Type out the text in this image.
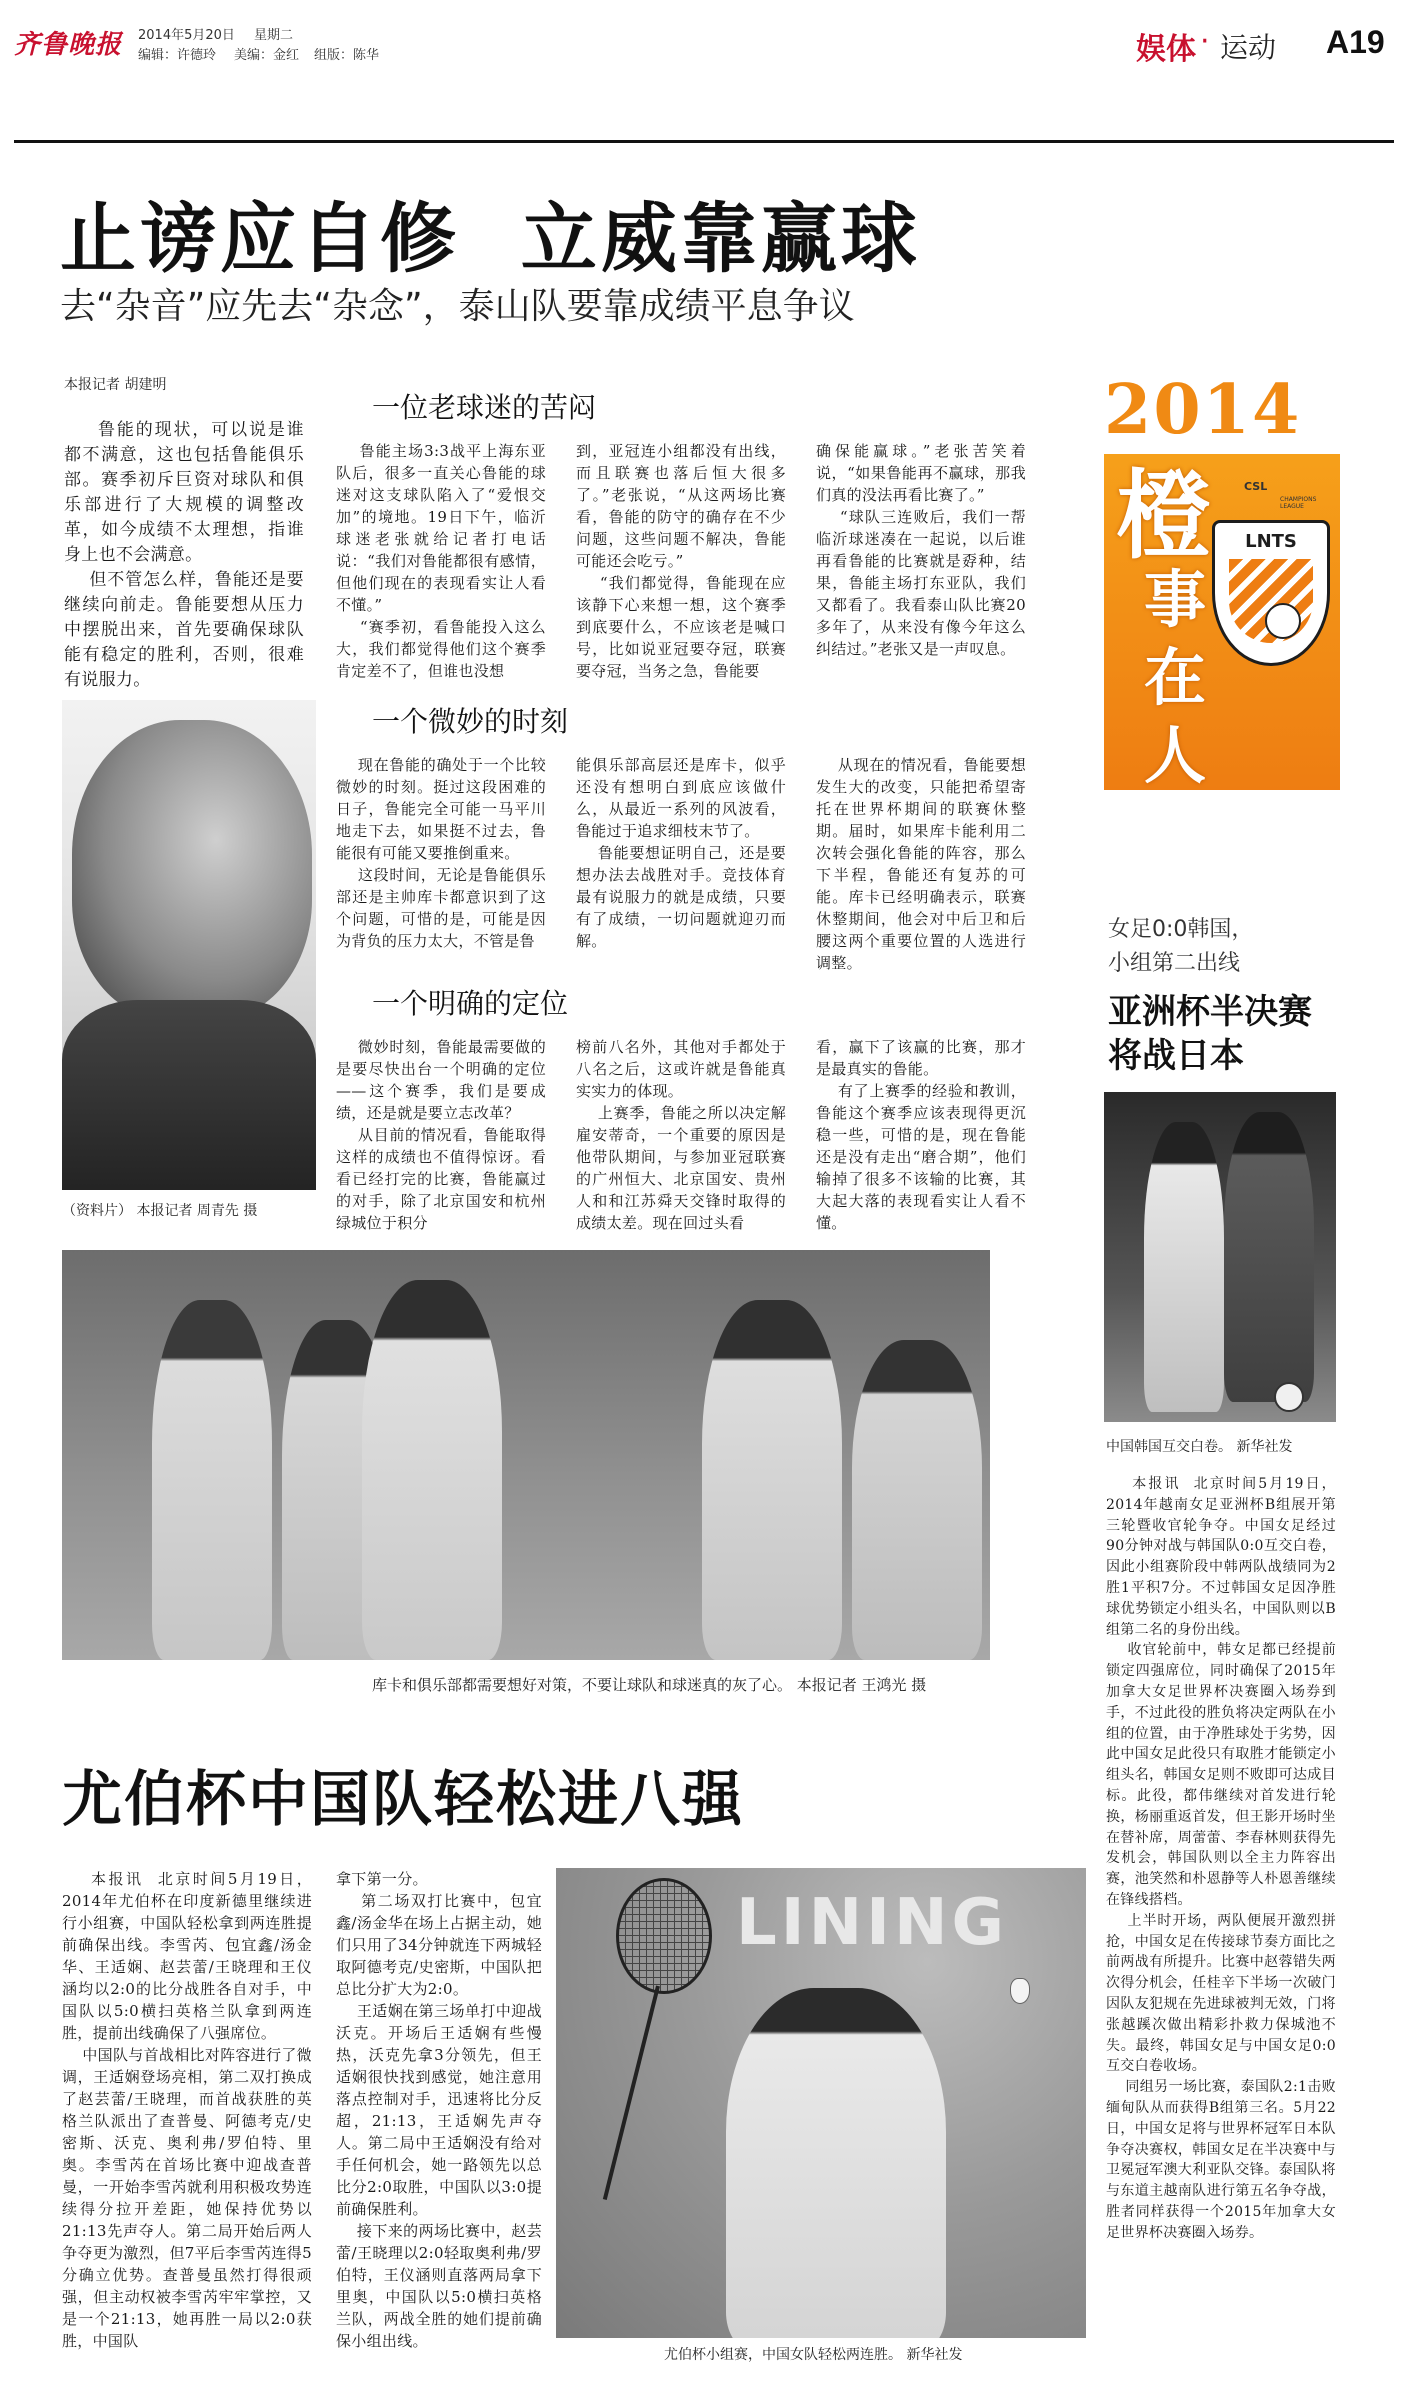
齐鲁晚报 2014年5月20日 星期二
编辑：许德玲 美编：金红 组版：陈华	娱体 · 运动 A19
止谤应自修  立威靠赢球
去“杂音”应先去“杂念”，泰山队要靠成绩平息争议
本报记者 胡建明
鲁能的现状，可以说是谁都不满意，这也包括鲁能俱乐部。赛季初斥巨资对球队和俱乐部进行了大规模的调整改革，如今成绩不太理想，指谁身上也不会满意。
但不管怎么样，鲁能还是要继续向前走。鲁能要想从压力中摆脱出来，首先要确保球队能有稳定的胜利，否则，很难有说服力。
一位老球迷的苦闷
鲁能主场3:3战平上海东亚队后，很多一直关心鲁能的球迷对这支球队陷入了“爱恨交加”的境地。19日下午，临沂球迷老张就给记者打电话说：“我们对鲁能都很有感情，但他们现在的表现看实让人看不懂。”
“赛季初，看鲁能投入这么大，我们都觉得他们这个赛季肯定差不了，但谁也没想
到，亚冠连小组都没有出线，而且联赛也落后恒大很多了。”老张说，“从这两场比赛看，鲁能的防守的确存在不少问题，这些问题不解决，鲁能可能还会吃亏。”
“我们都觉得，鲁能现在应该静下心来想一想，这个赛季到底要什么，不应该老是喊口号，比如说亚冠要夺冠，联赛要夺冠，当务之急，鲁能要
确保能赢球。”老张苦笑着说，“如果鲁能再不赢球，那我们真的没法再看比赛了。”
“球队三连败后，我们一帮临沂球迷凑在一起说，以后谁再看鲁能的比赛就是孬种，结果，鲁能主场打东亚队，我们又都看了。我看泰山队比赛20多年了，从来没有像今年这么纠结过。”老张又是一声叹息。
（资料片） 本报记者 周青先 摄
一个微妙的时刻
现在鲁能的确处于一个比较微妙的时刻。挺过这段困难的日子，鲁能完全可能一马平川地走下去，如果挺不过去，鲁能很有可能又要推倒重来。
这段时间，无论是鲁能俱乐部还是主帅库卡都意识到了这个问题，可惜的是，可能是因为背负的压力太大，不管是鲁
能俱乐部高层还是库卡，似乎还没有想明白到底应该做什么，从最近一系列的风波看，鲁能过于追求细枝末节了。
鲁能要想证明自己，还是要想办法去战胜对手。竞技体育最有说服力的就是成绩，只要有了成绩，一切问题就迎刃而解。
从现在的情况看，鲁能要想发生大的改变，只能把希望寄托在世界杯期间的联赛休整期。届时，如果库卡能利用二次转会强化鲁能的阵容，那么下半程，鲁能还有复苏的可能。库卡已经明确表示，联赛休整期间，他会对中后卫和后腰这两个重要位置的人选进行调整。
一个明确的定位
微妙时刻，鲁能最需要做的是要尽快出台一个明确的定位——这个赛季，我们是要成绩，还是就是要立志改革？
从目前的情况看，鲁能取得这样的成绩也不值得惊讶。看看已经打完的比赛，鲁能赢过的对手，除了北京国安和杭州绿城位于积分
榜前八名外，其他对手都处于八名之后，这或许就是鲁能真实实力的体现。
上赛季，鲁能之所以决定解雇安蒂奇，一个重要的原因是他带队期间，与参加亚冠联赛的广州恒大、北京国安、贵州人和和江苏舜天交锋时取得的成绩太差。现在回过头看
看，赢下了该赢的比赛，那才是最真实的鲁能。
有了上赛季的经验和教训，鲁能这个赛季应该表现得更沉稳一些，可惜的是，现在鲁能还是没有走出“磨合期”，他们输掉了很多不该输的比赛，其大起大落的表现看实让人看不懂。
库卡和俱乐部都需要想好对策，不要让球队和球迷真的灰了心。 本报记者 王鸿光 摄
2014
橙
事
在
人
LNTS
CSL
CHAMPIONS LEAGUE
女足0:0韩国，
小组第二出线
亚洲杯半决赛
将战日本
中国韩国互交白卷。 新华社发
本报讯  北京时间5月19日，2014年越南女足亚洲杯B组展开第三轮暨收官轮争夺。中国女足经过90分钟对战与韩国队0:0互交白卷，因此小组赛阶段中韩两队战绩同为2胜1平积7分。不过韩国女足因净胜球优势锁定小组头名，中国队则以B组第二名的身份出线。
收官轮前中，韩女足都已经提前锁定四强席位，同时确保了2015年加拿大女足世界杯决赛圈入场券到手，不过此役的胜负将决定两队在小组的位置，由于净胜球处于劣势，因此中国女足此役只有取胜才能锁定小组头名，韩国女足则不败即可达成目标。此役，都伟继续对首发进行轮换，杨丽重返首发，但王影开场时坐在替补席，周蕾蕾、李春林则获得先发机会，韩国队则以全主力阵容出赛，池笑然和朴恩静等人朴恩善继续在锋线搭档。
上半时开场，两队便展开激烈拼抢，中国女足在传接球节奏方面比之前两战有所提升。比赛中赵蓉错失两次得分机会，任桂辛下半场一次破门因队友犯规在先进球被判无效，门将张越蹊次做出精彩扑救力保城池不失。最终，韩国女足与中国女足0:0互交白卷收场。
同组另一场比赛，泰国队2:1击败缅甸队从而获得B组第三名。5月22日，中国女足将与世界杯冠军日本队争夺决赛权，韩国女足在半决赛中与卫冕冠军澳大利亚队交锋。泰国队将与东道主越南队进行第五名争夺战，胜者同样获得一个2015年加拿大女足世界杯决赛圈入场券。
尤伯杯中国队轻松进八强
本报讯  北京时间5月19日，2014年尤伯杯在印度新德里继续进行小组赛，中国队轻松拿到两连胜提前确保出线。李雪芮、包宜鑫/汤金华、王适娴、赵芸蕾/王晓理和王仪涵均以2:0的比分战胜各自对手，中国队以5:0横扫英格兰队拿到两连胜，提前出线确保了八强席位。
中国队与首战相比对阵容进行了微调，王适娴登场亮相，第二双打换成了赵芸蕾/王晓理，而首战获胜的英格兰队派出了查普曼、阿德考克/史密斯、沃克、奥利弗/罗伯特、里奥。李雪芮在首场比赛中迎战查普曼，一开始李雪芮就利用积极攻势连续得分拉开差距，她保持优势以21:13先声夺人。第二局开始后两人争夺更为激烈，但7平后李雪芮连得5分确立优势。查普曼虽然打得很顽强，但主动权被李雪芮牢牢掌控，又是一个21:13，她再胜一局以2:0获胜，中国队
拿下第一分。
第二场双打比赛中，包宜鑫/汤金华在场上占据主动，她们只用了34分钟就连下两城轻取阿德考克/史密斯，中国队把总比分扩大为2:0。
王适娴在第三场单打中迎战沃克。开场后王适娴有些慢热，沃克先拿3分领先，但王适娴很快找到感觉，她注意用落点控制对手，迅速将比分反超，21:13，王适娴先声夺人。第二局中王适娴没有给对手任何机会，她一路领先以总比分2:0取胜，中国队以3:0提前确保胜利。
接下来的两场比赛中，赵芸蕾/王晓理以2:0轻取奥利弗/罗伯特，王仪涵则直落两局拿下里奥，中国队以5:0横扫英格兰队，两战全胜的她们提前确保小组出线。
LINING
尤伯杯小组赛，中国女队轻松两连胜。 新华社发
